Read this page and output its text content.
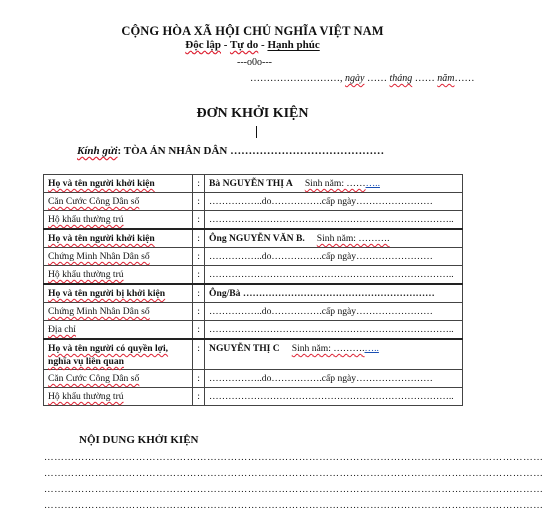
CỘNG HÒA XÃ HỘI CHỦ NGHĨA VIỆT NAM
Độc lập - Tự do - Hạnh phúc
---o0o---
………………………, ngày …… tháng …… năm……
ĐƠN KHỞI KIỆN
Kính gửi: TÒA ÁN NHÂN DÂN ……………………………………
Họ và tên người khởi kiện	:	Bà NGUYỄN THỊ A Sinh năm: ………..
Căn Cước Công Dân số	:	……………..do…………….cấp ngày……………………
Hộ khẩu thường trú	:	…………………………………………………………………..
Họ và tên người khởi kiện	:	Ông NGUYỄN VĂN B. Sinh năm: ……….
Chứng Minh Nhân Dân số	:	……………..do…………….cấp ngày……………………
Hộ khẩu thường trú	:	…………………………………………………………………..
Họ và tên người bị khởi kiện	:	Ông/Bà ……………………………………………………
Chứng Minh Nhân Dân số	:	……………..do…………….cấp ngày……………………
Địa chỉ	:	…………………………………………………………………..
Họ và tên người có quyền lợi, nghĩa vụ liên quan	:	NGUYỄN THỊ C Sinh năm: ……….…..
Căn Cước Công Dân số	:	……………..do…………….cấp ngày……………………
Hộ khẩu thường trú	:	…………………………………………………………………..
NỘI DUNG KHỞI KIỆN
…………………………………………………………………………………………………………………………………
…………………………………………………………………………………………………………………………………
…………………………………………………………………………………………………………………………………
…………………………………………………………………………………………………………………………………
